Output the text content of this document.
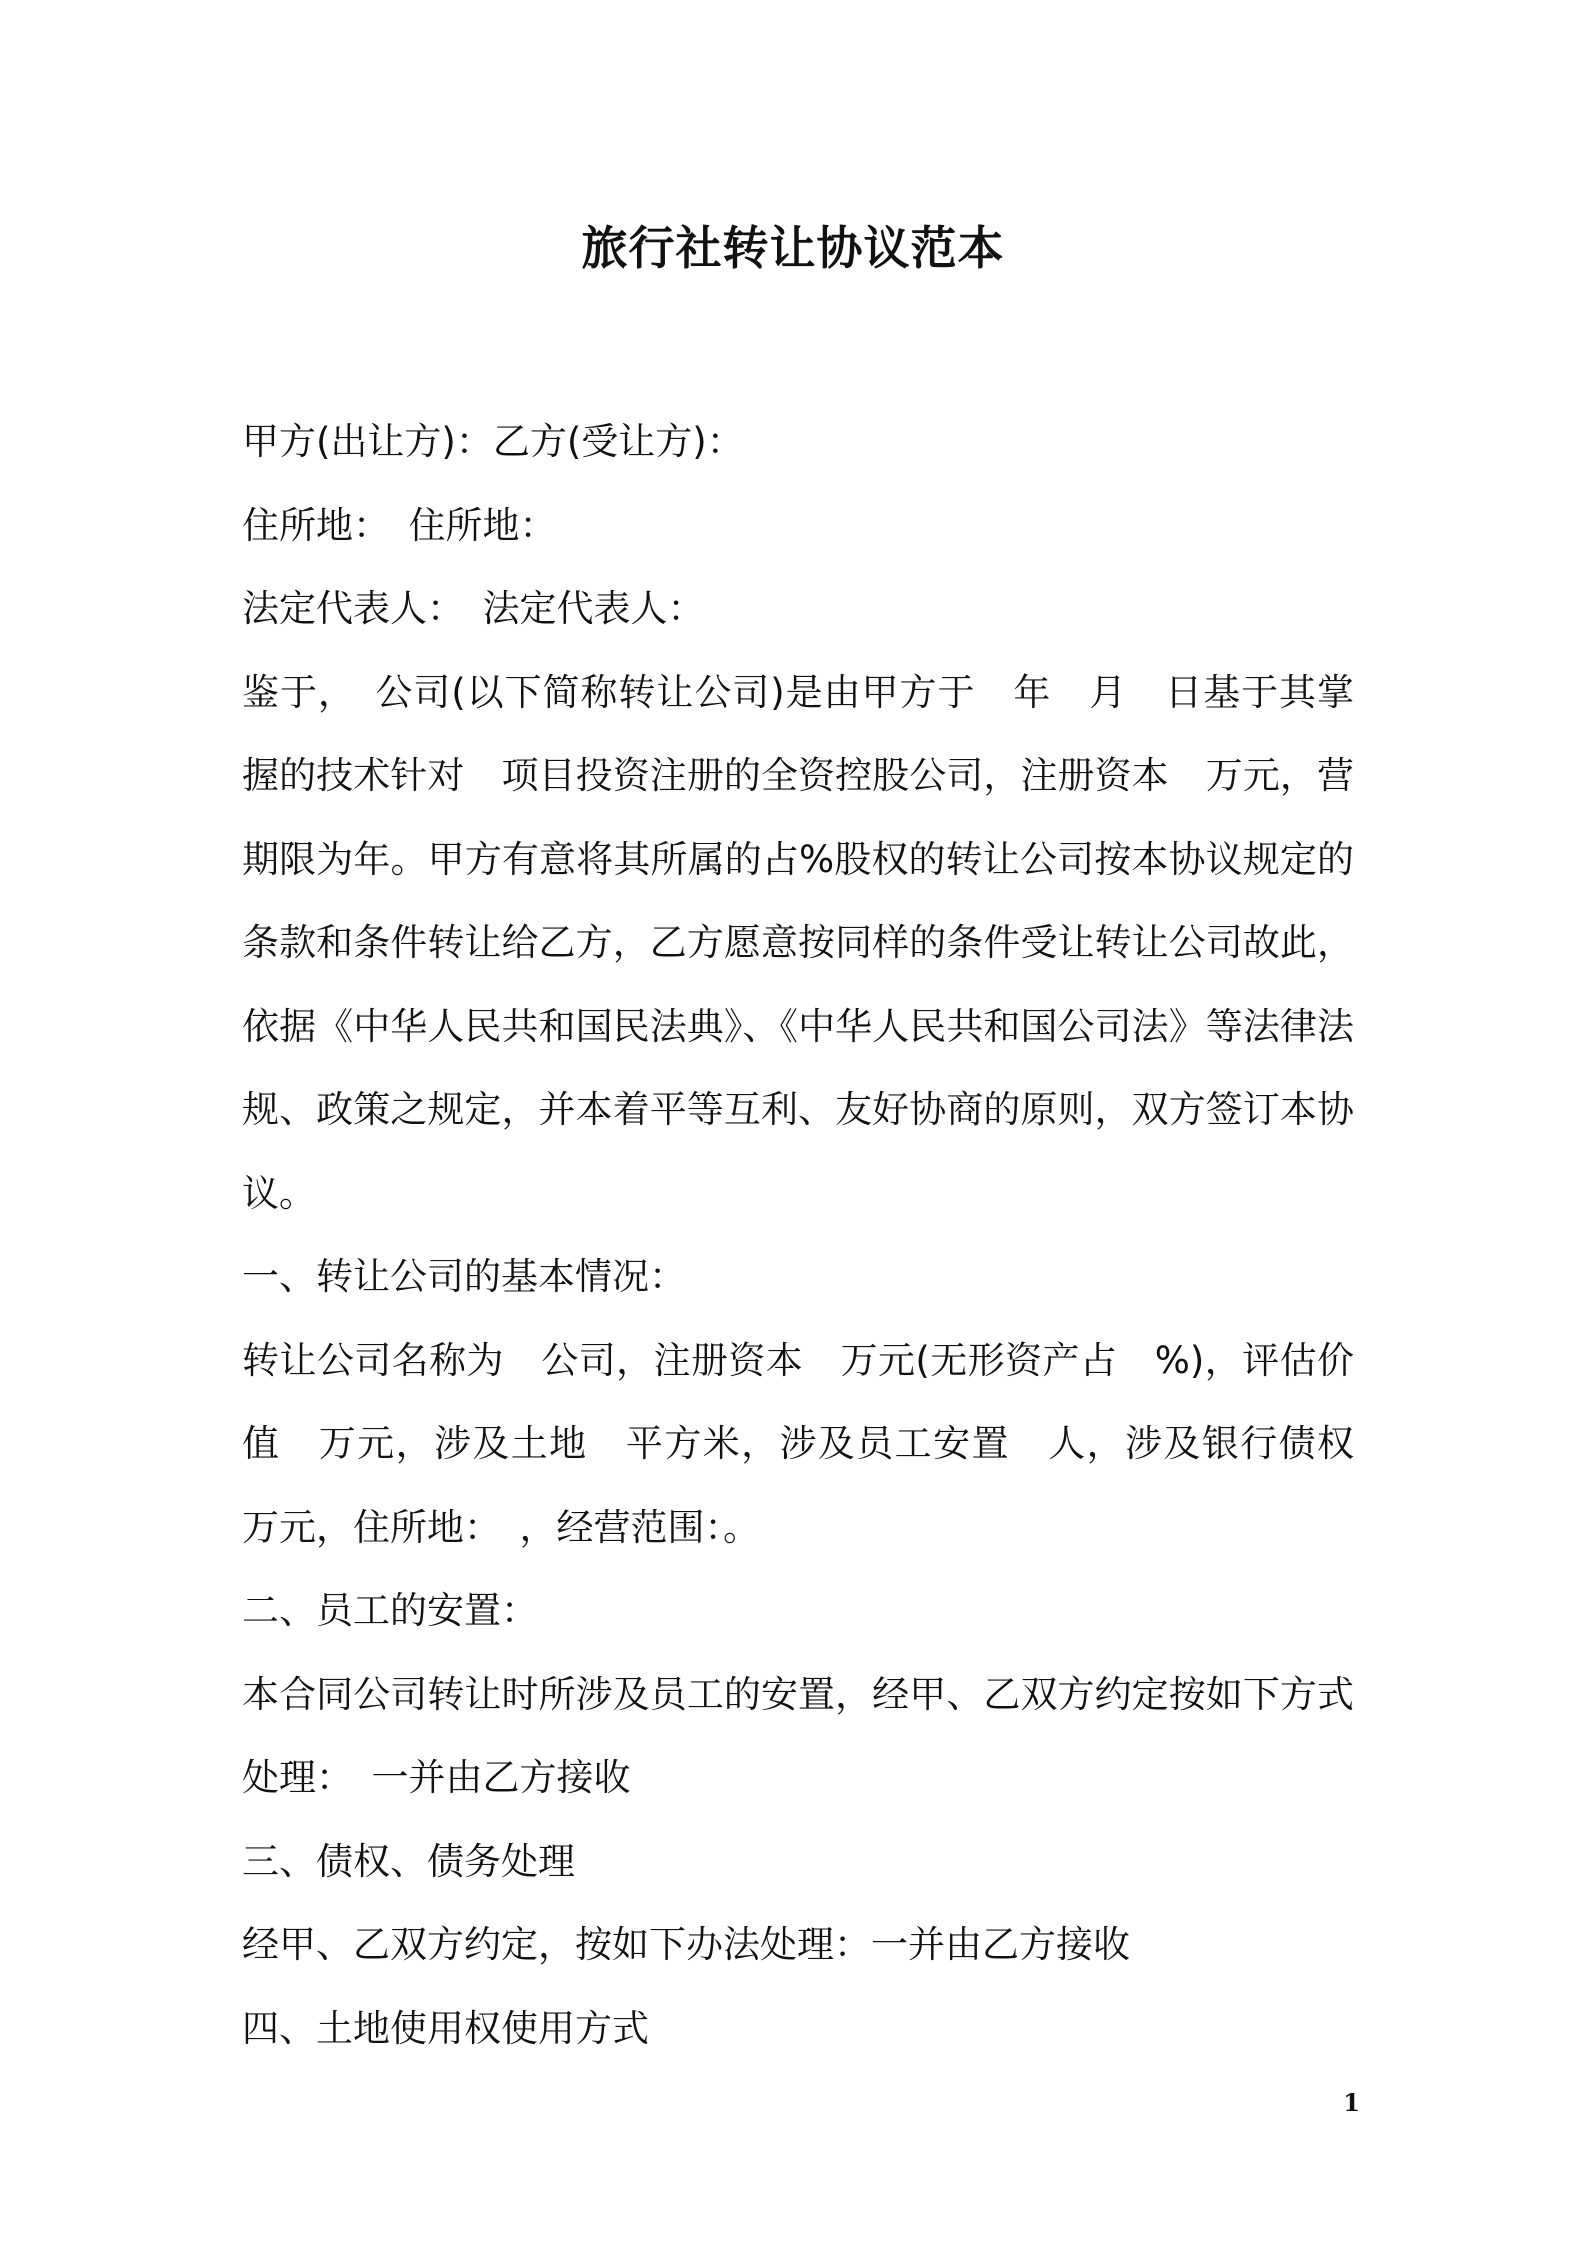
旅行社转让协议范本

甲方(出让方)：乙方(受让方)：

住所地：　住所地：

法定代表人：　法定代表人：

鉴于，　公司(以下简称转让公司)是由甲方于　年　月　日基于其掌握的技术针对　项目投资注册的全资控股公司，注册资本　万元，营期限为年。甲方有意将其所属的占%股权的转让公司按本协议规定的条款和条件转让给乙方，乙方愿意按同样的条件受让转让公司故此，依据《中华人民共和国民法典》、《中华人民共和国公司法》等法律法规、政策之规定，并本着平等互利、友好协商的原则，双方签订本协议。

一、转让公司的基本情况：

转让公司名称为　公司，注册资本　万元(无形资产占　%)，评估价值　万元，涉及土地　平方米，涉及员工安置　人，涉及银行债权　万元，住所地：　，经营范围：。

二、员工的安置：

本合同公司转让时所涉及员工的安置，经甲、乙双方约定按如下方式处理：　一并由乙方接收

三、债权、债务处理

经甲、乙双方约定，按如下办法处理：一并由乙方接收

四、土地使用权使用方式

1
